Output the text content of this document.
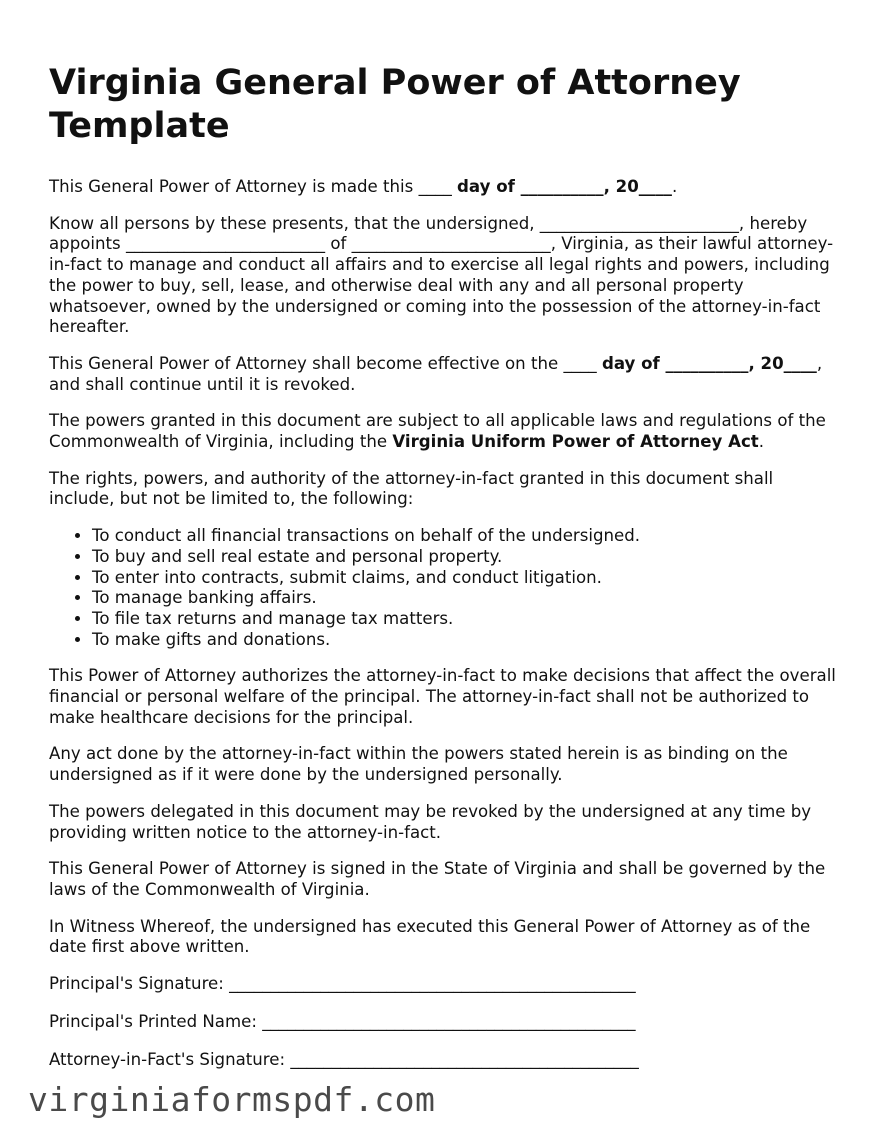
Virginia General Power of Attorney Template

This General Power of Attorney is made this ____ day of __________, 20____.

Know all persons by these presents, that the undersigned, ________________________, hereby appoints ________________________ of ________________________, Virginia, as their lawful attorney-in-fact to manage and conduct all affairs and to exercise all legal rights and powers, including the power to buy, sell, lease, and otherwise deal with any and all personal property whatsoever, owned by the undersigned or coming into the possession of the attorney-in-fact hereafter.

This General Power of Attorney shall become effective on the ____ day of __________, 20____, and shall continue until it is revoked.

The powers granted in this document are subject to all applicable laws and regulations of the Commonwealth of Virginia, including the Virginia Uniform Power of Attorney Act.

The rights, powers, and authority of the attorney-in-fact granted in this document shall include, but not be limited to, the following:

• To conduct all financial transactions on behalf of the undersigned.
• To buy and sell real estate and personal property.
• To enter into contracts, submit claims, and conduct litigation.
• To manage banking affairs.
• To file tax returns and manage tax matters.
• To make gifts and donations.

This Power of Attorney authorizes the attorney-in-fact to make decisions that affect the overall financial or personal welfare of the principal. The attorney-in-fact shall not be authorized to make healthcare decisions for the principal.

Any act done by the attorney-in-fact within the powers stated herein is as binding on the undersigned as if it were done by the undersigned personally.

The powers delegated in this document may be revoked by the undersigned at any time by providing written notice to the attorney-in-fact.

This General Power of Attorney is signed in the State of Virginia and shall be governed by the laws of the Commonwealth of Virginia.

In Witness Whereof, the undersigned has executed this General Power of Attorney as of the date first above written.

Principal's Signature: _________________________________________________
Principal's Printed Name: _____________________________________________
Attorney-in-Fact's Signature: __________________________________________
virginiaformspdf.com
